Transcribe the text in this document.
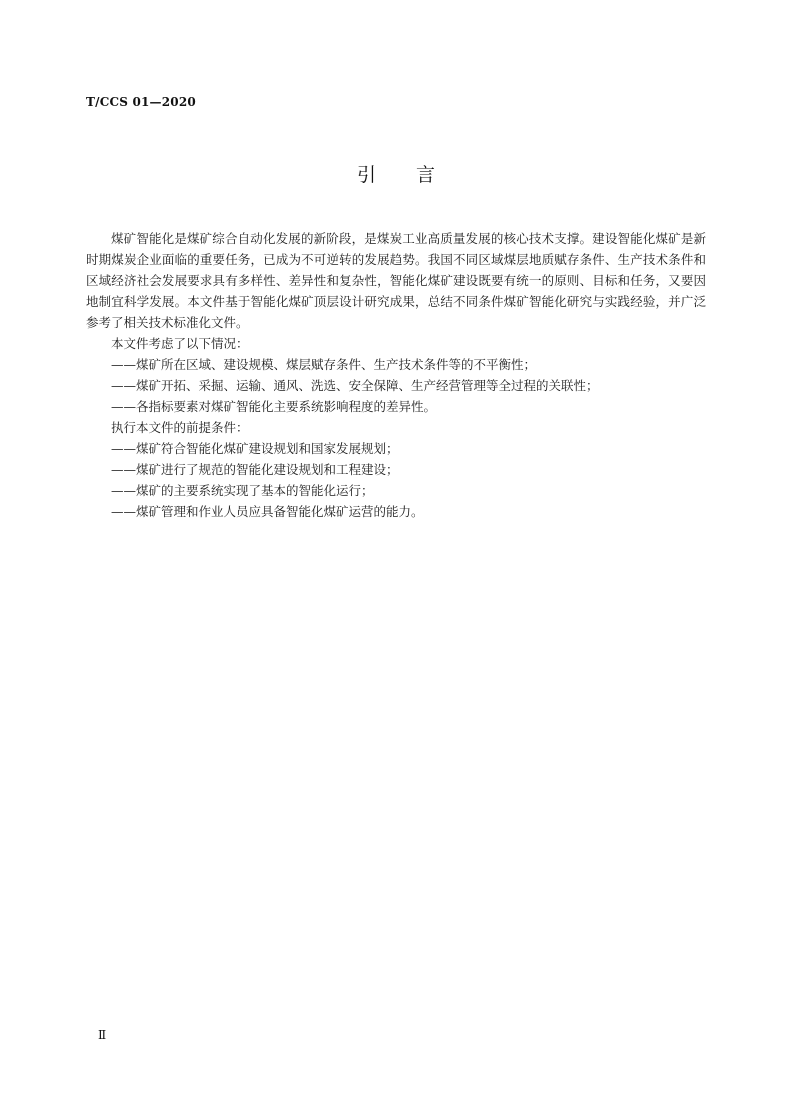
T/CCS 01—2020
引言

煤矿智能化是煤矿综合自动化发展的新阶段，是煤炭工业高质量发展的核心技术支撑。建设智能化煤矿是新时期煤炭企业面临的重要任务，已成为不可逆转的发展趋势。我国不同区域煤层地质赋存条件、生产技术条件和区域经济社会发展要求具有多样性、差异性和复杂性，智能化煤矿建设既要有统一的原则、目标和任务，又要因地制宜科学发展。本文件基于智能化煤矿顶层设计研究成果，总结不同条件煤矿智能化研究与实践经验，并广泛参考了相关技术标准化文件。

本文件考虑了以下情况：

——煤矿所在区域、建设规模、煤层赋存条件、生产技术条件等的不平衡性；

——煤矿开拓、采掘、运输、通风、洗选、安全保障、生产经营管理等全过程的关联性；

——各指标要素对煤矿智能化主要系统影响程度的差异性。

执行本文件的前提条件：

——煤矿符合智能化煤矿建设规划和国家发展规划；

——煤矿进行了规范的智能化建设规划和工程建设；

——煤矿的主要系统实现了基本的智能化运行；

——煤矿管理和作业人员应具备智能化煤矿运营的能力。

Ⅱ
